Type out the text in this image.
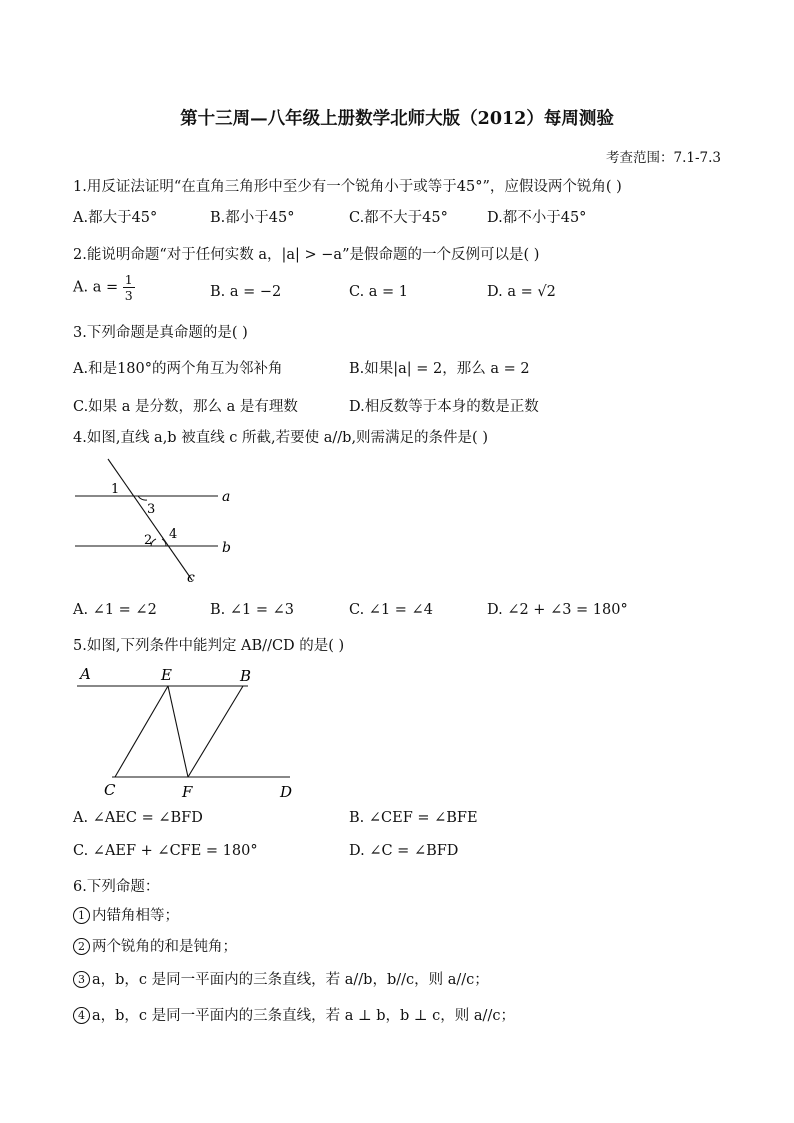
第十三周—八年级上册数学北师大版（2012）每周测验
考查范围：7.1-7.3
1.用反证法证明“在直角三角形中至少有一个锐角小于或等于45°”，应假设两个锐角( )
A.都大于45°	B.都小于45°	C.都不大于45°	D.都不小于45°
2.能说明命题“对于任何实数 a，|a| > −a”是假命题的一个反例可以是( )
A. $a = \frac{1}{3}$	B. a = −2	C. a = 1	D. a = √2
3.下列命题是真命题的是( )
A.和是180°的两个角互为邻补角	B.如果|a| = 2，那么 a = 2
C.如果 a 是分数，那么 a 是有理数	D.相反数等于本身的数是正数
4.如图,直线 a,b 被直线 c 所截,若要使 a//b,则需满足的条件是( )
a
b
c
1
3
2 4
A. ∠1 = ∠2	B. ∠1 = ∠3	C. ∠1 = ∠4	D. ∠2 + ∠3 = 180°
5.如图,下列条件中能判定 AB//CD 的是( )
A	E	B
C	F	D
A. ∠AEC = ∠BFD	B. ∠CEF = ∠BFE
C. ∠AEF + ∠CFE = 180°	D. ∠C = ∠BFD
6.下列命题：
1 内错角相等；
2 两个锐角的和是钝角；
3 a，b，c 是同一平面内的三条直线，若 a//b，b//c，则 a//c；
4 a，b，c 是同一平面内的三条直线，若 a ⊥ b，b ⊥ c，则 a//c；
